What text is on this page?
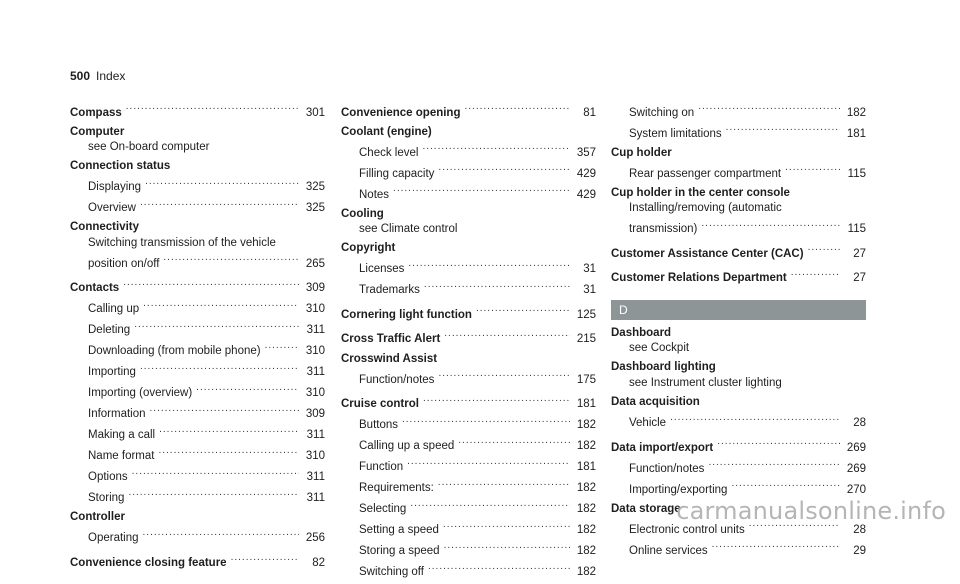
500 Index
Compass .....	301
Computer
see On-board computer
Connection status
Displaying .....	325
Overview .....	325
Connectivity
Switching transmission of the vehicle
position on/off .....	265
Contacts .....	309
Calling up .....	310
Deleting .....	311
Downloading (from mobile phone) .....	310
Importing .....	311
Importing (overview) .....	310
Information .....	309
Making a call .....	311
Name format .....	310
Options .....	311
Storing .....	311
Controller
Operating .....	256
Convenience closing feature .....	82
Convenience opening .....	81
Coolant (engine)
Check level .....	357
Filling capacity .....	429
Notes .....	429
Cooling
see Climate control
Copyright
Licenses .....	31
Trademarks .....	31
Cornering light function .....	125
Cross Traffic Alert .....	215
Crosswind Assist
Function/notes .....	175
Cruise control .....	181
Buttons .....	182
Calling up a speed .....	182
Function .....	181
Requirements: .....	182
Selecting .....	182
Setting a speed .....	182
Storing a speed .....	182
Switching off .....	182
Switching on .....	182
System limitations .....	181
Cup holder
Rear passenger compartment .....	115
Cup holder in the center console
Installing/removing (automatic
transmission) .....	115
Customer Assistance Center (CAC) .....	27
Customer Relations Department .....	27
D
Dashboard
see Cockpit
Dashboard lighting
see Instrument cluster lighting
Data acquisition
Vehicle .....	28
Data import/export .....	269
Function/notes .....	269
Importing/exporting .....	270
Data storage
Electronic control units .....	28
Online services .....	29
carmanualsonline.info
